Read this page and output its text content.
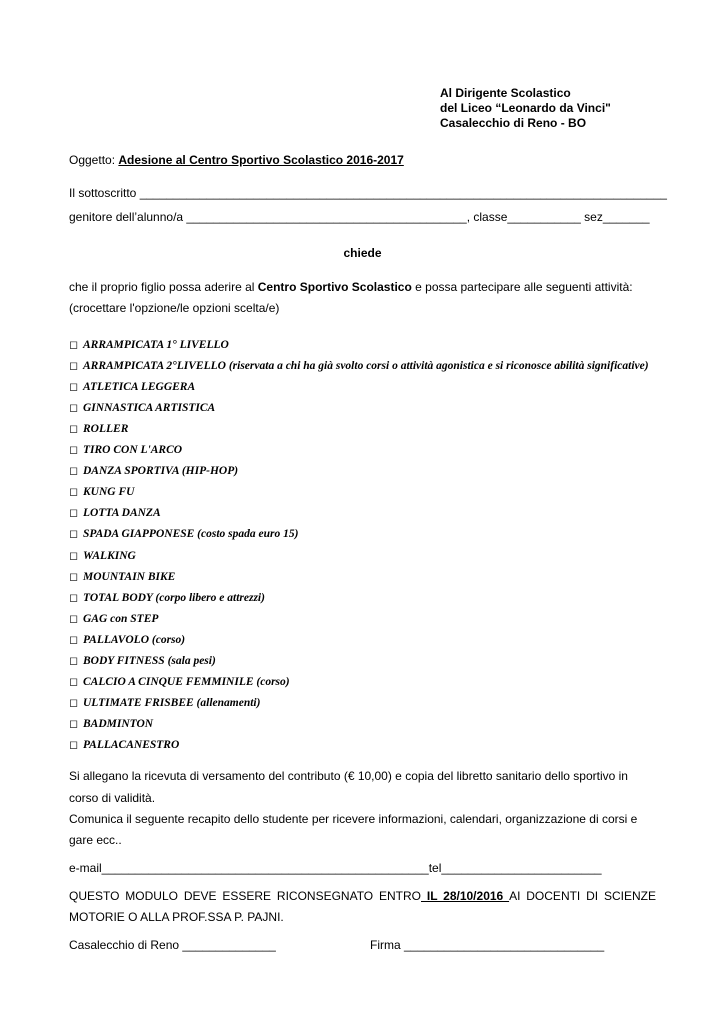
Al Dirigente Scolastico
del Liceo “Leonardo da Vinci"
Casalecchio di Reno - BO
Oggetto: Adesione al Centro Sportivo Scolastico 2016-2017
Il sottoscritto _______________________________________________________________________________
genitore dell’alunno/a __________________________________________, classe___________ sez_______
chiede
che il proprio figlio possa aderire al Centro Sportivo Scolastico e possa partecipare alle seguenti attività:
(crocettare l'opzione/le opzioni scelta/e)
◻ ARRAMPICATA 1° LIVELLO
◻ ARRAMPICATA 2°LIVELLO (riservata a chi ha già svolto corsi o attività agonistica e si riconosce abilità significative)
◻ ATLETICA LEGGERA
◻ GINNASTICA ARTISTICA
◻ ROLLER
◻ TIRO CON L'ARCO
◻ DANZA SPORTIVA (HIP-HOP)
◻ KUNG FU
◻ LOTTA DANZA
◻ SPADA GIAPPONESE (costo spada euro 15)
◻ WALKING
◻ MOUNTAIN BIKE
◻ TOTAL BODY (corpo libero e attrezzi)
◻ GAG con STEP
◻ PALLAVOLO (corso)
◻ BODY FITNESS (sala pesi)
◻ CALCIO A CINQUE FEMMINILE (corso)
◻ ULTIMATE FRISBEE (allenamenti)
◻ BADMINTON
◻ PALLACANESTRO
Si allegano la ricevuta di versamento del contributo (€ 10,00) e copia del libretto sanitario dello sportivo in
corso di validità.
Comunica il seguente recapito dello studente per ricevere informazioni, calendari, organizzazione di corsi e
gare ecc..
e-mail_________________________________________________tel________________________
QUESTO MODULO DEVE ESSERE RICONSEGNATO ENTRO IL 28/10/2016 AI DOCENTI DI SCIENZE
MOTORIE O ALLA PROF.SSA P. PAJNI.
Casalecchio di Reno ______________	Firma ______________________________
